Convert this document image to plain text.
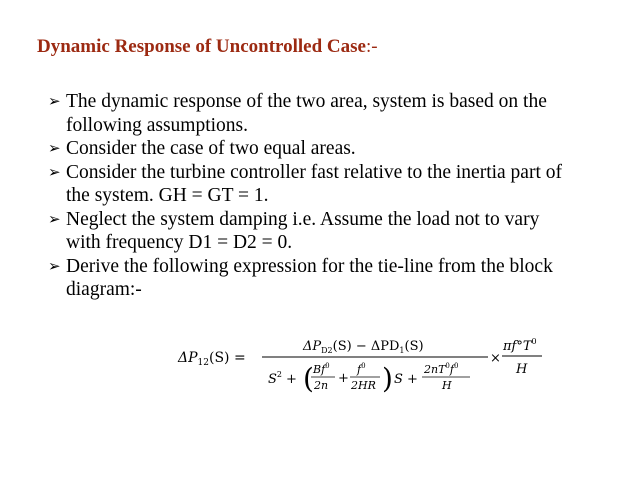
Dynamic Response of Uncontrolled Case:-
➢ The dynamic response of the two area, system is based on the
following assumptions.
➢ Consider the case of two equal areas.
➢ Consider the turbine controller fast relative to the inertia part of
the system. GH = GT = 1.
➢ Neglect the system damping i.e. Assume the load not to vary
with frequency D1 = D2 = 0.
➢ Derive the following expression for the tie-line from the block
diagram:-
$\Delta P_{12}(S)$ =
$\Delta P_{D2}(S) - \Delta PD_1(S)$
$S^2$ + ( )
Bf$^0$
2n +
$f^0$
2HR S +
$2nT^0f^0$
H
×
$\pi f^\circ T^0$
H
